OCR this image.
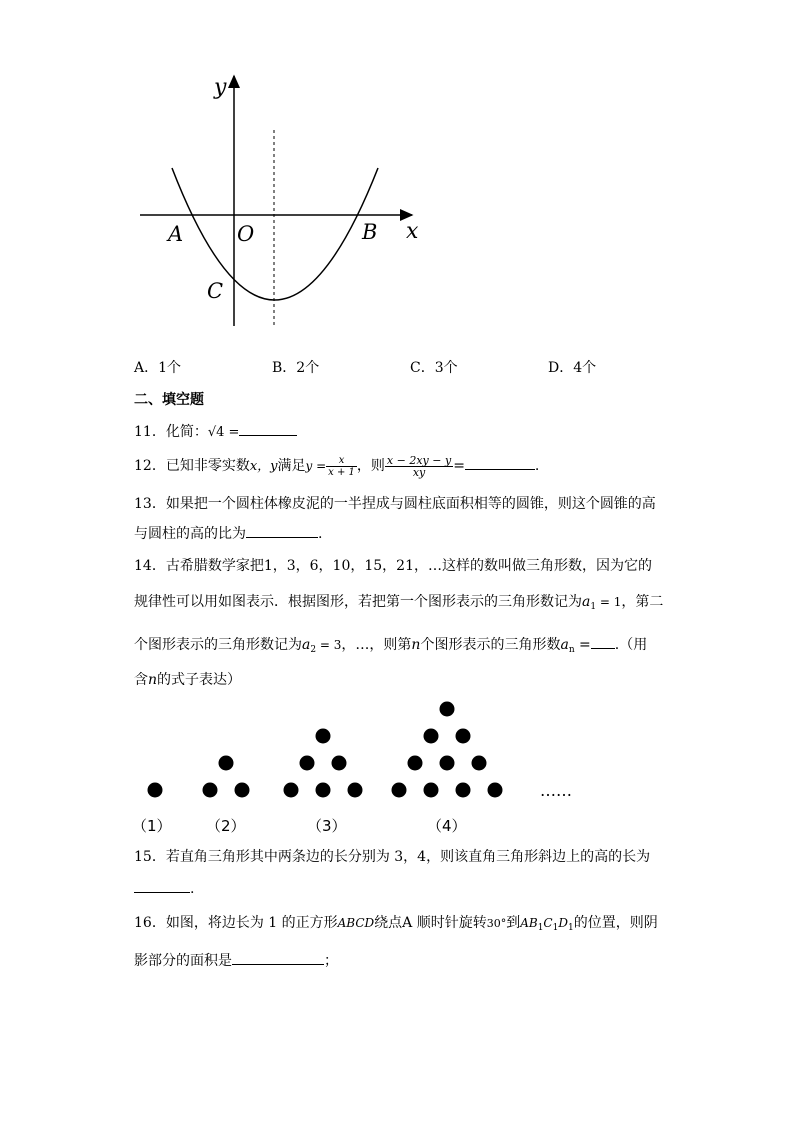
y
x
A	O	B
C
A．1个	B．2个	C．3个	D．4个
二、填空题
11．化简：√4 =
12．已知非零实数x，y满足$y = \frac{x}{x + 1}$ ，则 $\frac{x - 2xy - y}{xy}$ =	.
13．如果把一个圆柱体橡皮泥的一半捏成与圆柱底面积相等的圆锥，则这个圆锥的高
与圆柱的高的比为	.
14．古希腊数学家把1，3，6，10，15，21，…这样的数叫做三角形数，因为它的
规律性可以用如图表示．根据图形，若把第一个图形表示的三角形数记为$a_1 = 1$，第二
个图形表示的三角形数记为$a_2 = 3$，…，则第n个图形表示的三角形数$a_n$ = .（用
含n的式子表达）
……
（1） （2）	（3）	（4）
15．若直角三角形其中两条边的长分别为 3，4，则该直角三角形斜边上的高的长为
.
16．如图，将边长为 1 的正方形ABCD绕点A 顺时针旋转30°到$AB_1C_1D_1$的位置，则阴
影部分的面积是	；
